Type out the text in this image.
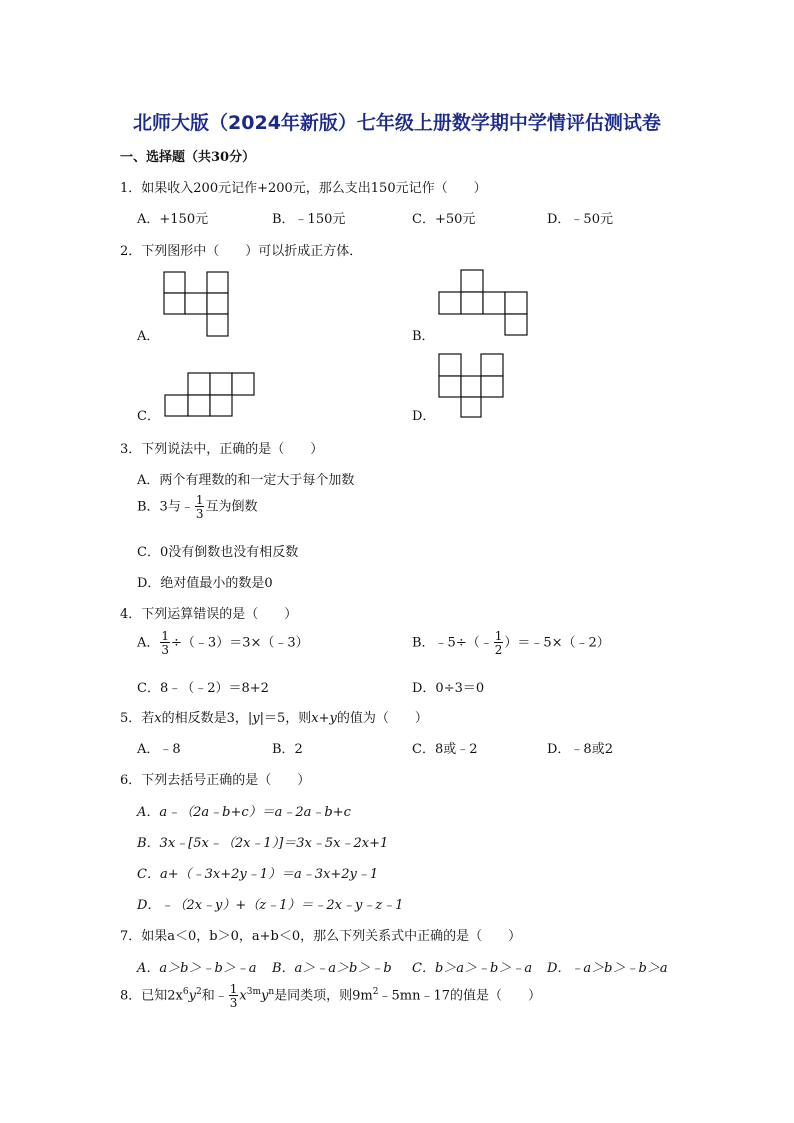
北师大版（2024年新版）七年级上册数学期中学情评估测试卷
一、选择题（共30分）
1．如果收入200元记作+200元，那么支出150元记作（　　）
A．+150元	B．﹣150元	C．+50元	D．﹣50元
2．下列图形中（　　）可以折成正方体．
A．	B．
C．	D．
3．下列说法中，正确的是（　　）
A．两个有理数的和一定大于每个加数
B．3与﹣ $\frac{1}{3}$ 互为倒数
C．0没有倒数也没有相反数
D．绝对值最小的数是0
4．下列运算错误的是（　　）
A． $\frac{1}{3}$ ÷（﹣3）＝3×（﹣3）	B．﹣5÷（﹣ $\frac{1}{2}$ ）＝﹣5×（﹣2）
C．8﹣（﹣2）＝8+2	D．0÷3＝0
5．若x的相反数是3，|y|＝5，则x+y的值为（　　）
A．﹣8	B．2	C．8或﹣2	D．﹣8或2
6．下列去括号正确的是（　　）
A．a﹣（2a﹣b+c）＝a﹣2a﹣b+c
B．3x﹣[5x﹣（2x﹣1）]＝3x﹣5x﹣2x+1
C．a+（﹣3x+2y﹣1）＝a﹣3x+2y﹣1
D．﹣（2x﹣y）+（z﹣1）＝﹣2x﹣y﹣z﹣1
7．如果a＜0，b＞0，a+b＜0，那么下列关系式中正确的是（　　）
A．a＞b＞﹣b＞﹣a B．a＞﹣a＞b＞﹣b C．b＞a＞﹣b＞﹣a D．﹣a＞b＞﹣b＞a
8．已知$2x^6y^2$和﹣ $\frac{1}{3} x^{3m}y^n$是同类项，则$9m^2﹣5mn﹣17$的值是（　　）
